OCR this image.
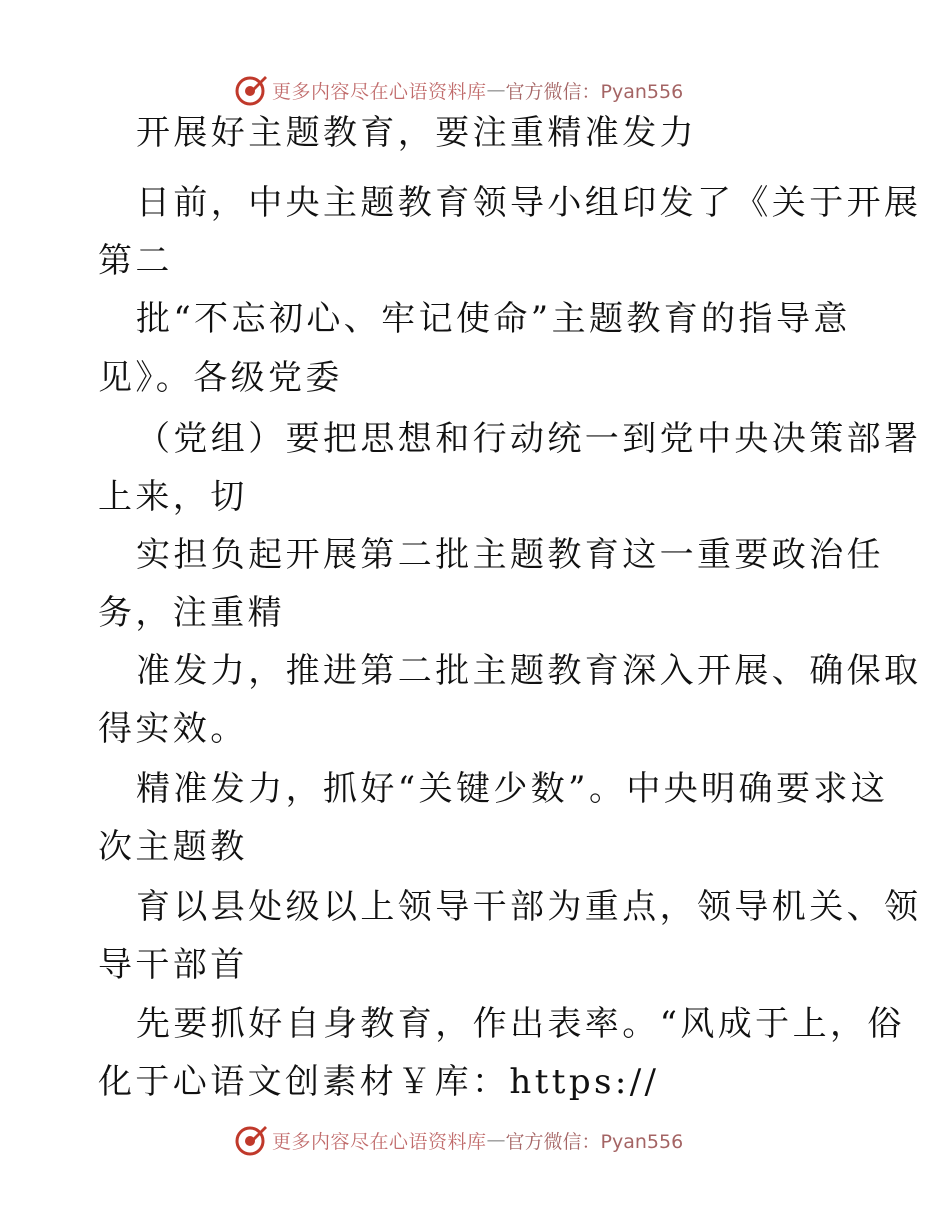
更多内容尽在心语资料库 — 官方微信：Pyan556
开展好主题教育，要注重精准发力
日前，中央主题教育领导小组印发了《关于开展
第二
批“不忘初心、牢记使命”主题教育的指导意
见》。各级党委
（党组）要把思想和行动统一到党中央决策部署
上来，切
实担负起开展第二批主题教育这一重要政治任
务，注重精
准发力，推进第二批主题教育深入开展、确保取
得实效。
精准发力，抓好“关键少数”。中央明确要求这
次主题教
育以县处级以上领导干部为重点，领导机关、领
导干部首
先要抓好自身教育，作出表率。“风成于上，俗
化于心语文创素材￥库：https://
更多内容尽在心语资料库 — 官方微信：Pyan556
